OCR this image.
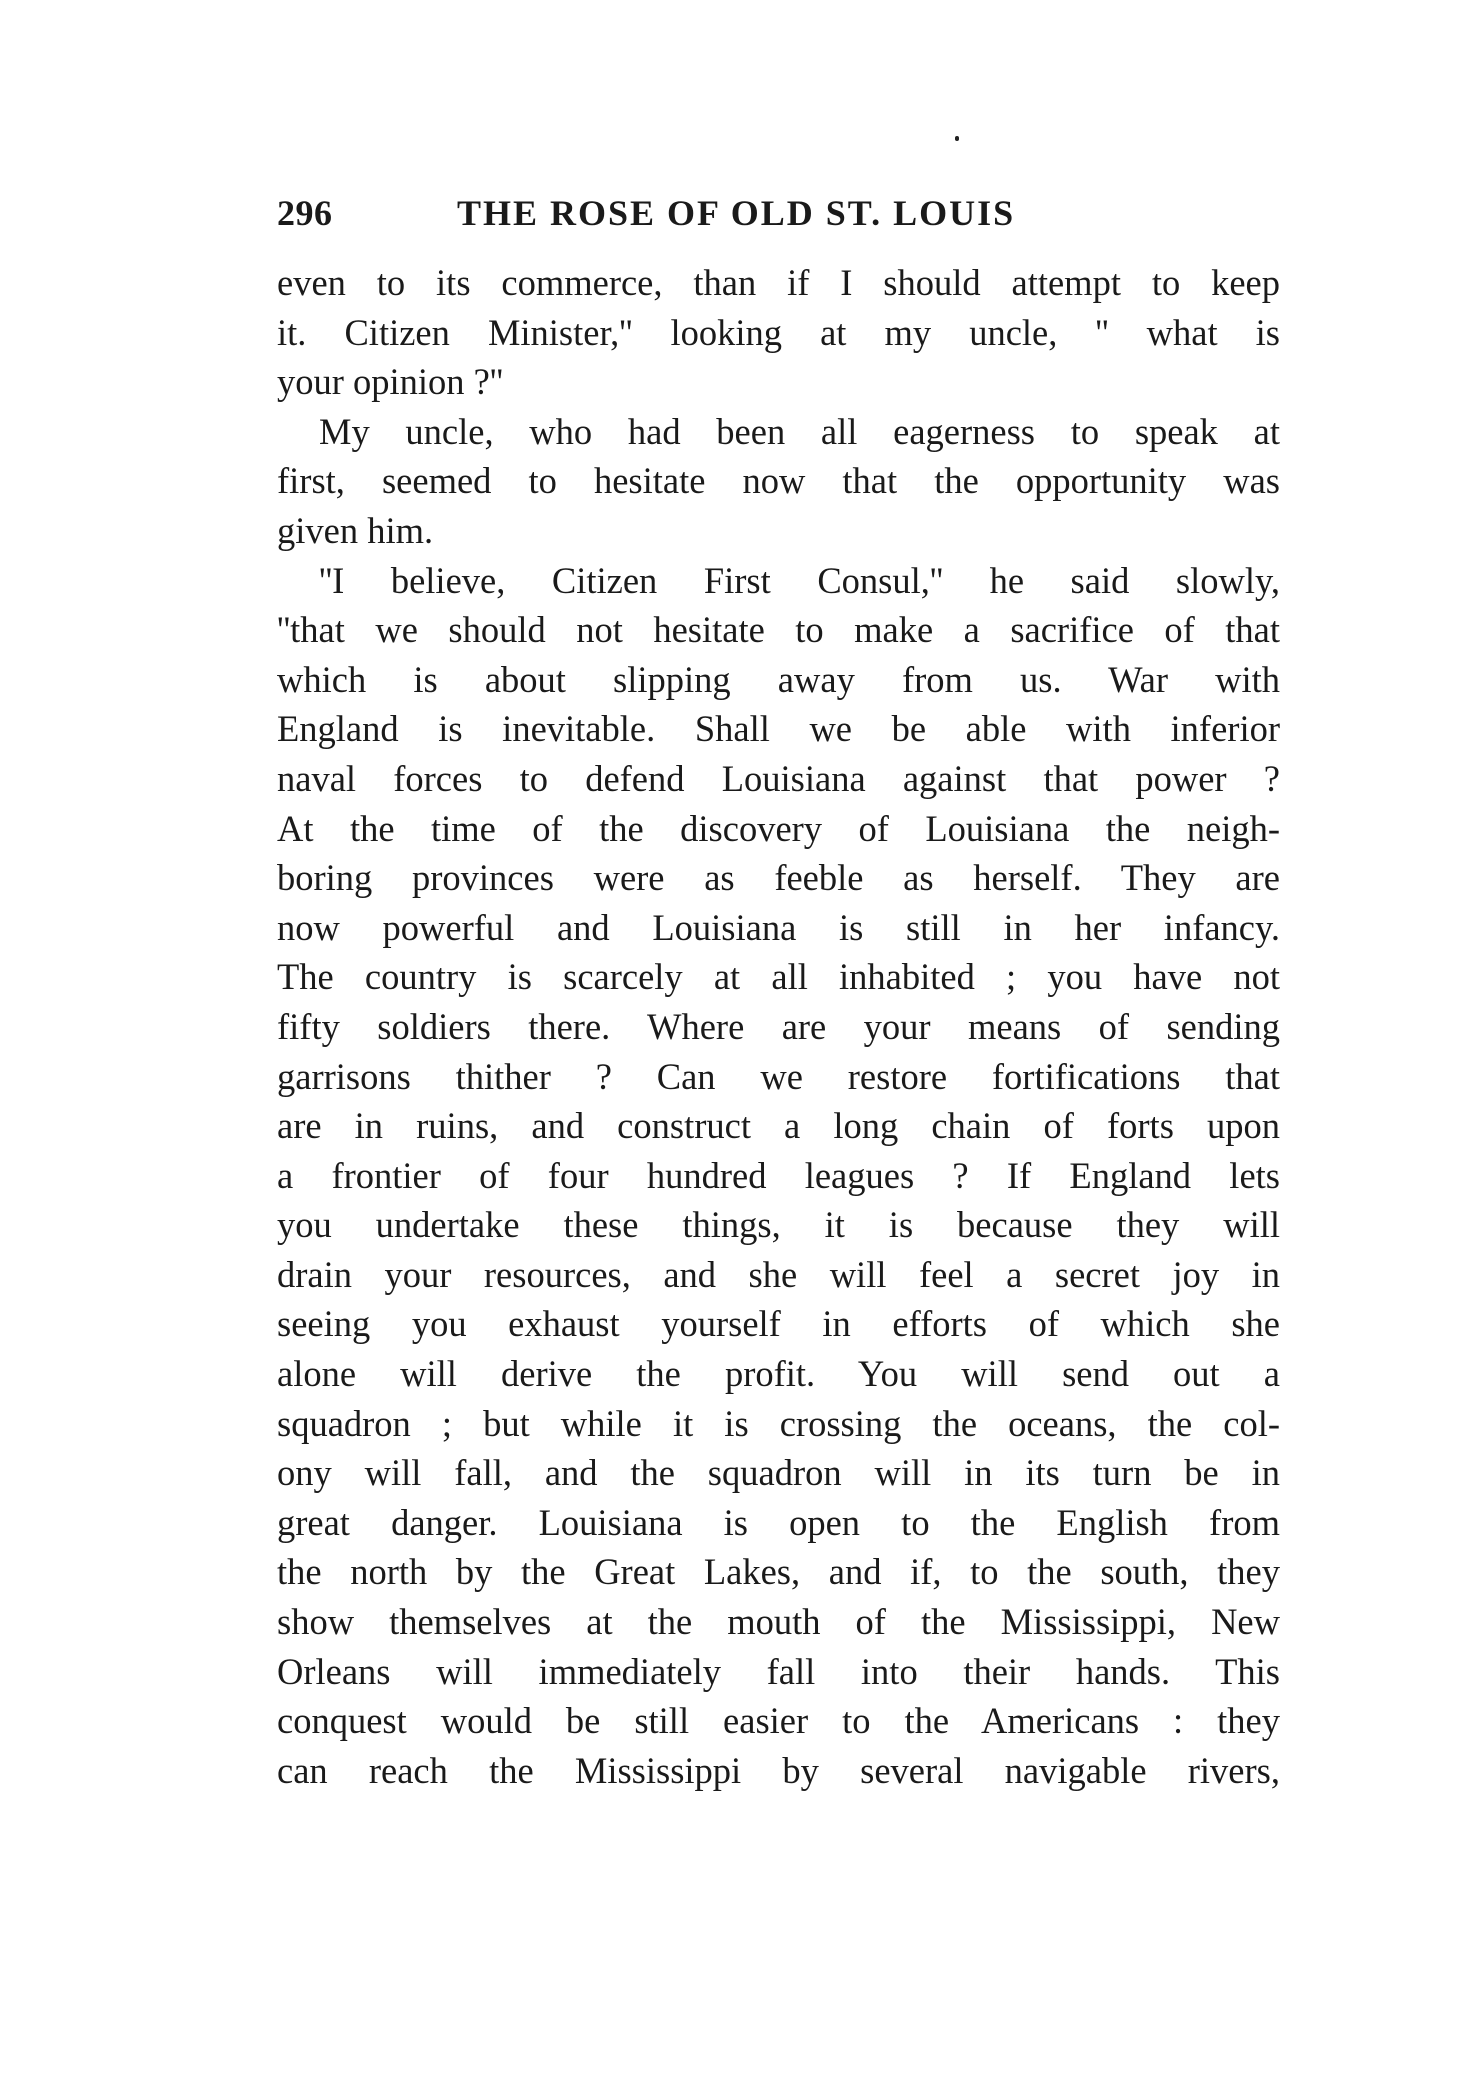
296	THE ROSE OF OLD ST. LOUIS
even to its commerce, than if I should attempt to keep
it. Citizen Minister,'' looking at my uncle, '' what is
your opinion ?''
My uncle, who had been all eagerness to speak at
first, seemed to hesitate now that the opportunity was
given him.
''I believe, Citizen First Consul,'' he said slowly,
''that we should not hesitate to make a sacrifice of that
which is about slipping away from us. War with
England is inevitable. Shall we be able with inferior
naval forces to defend Louisiana against that power ?
At the time of the discovery of Louisiana the neigh-
boring provinces were as feeble as herself. They are
now powerful and Louisiana is still in her infancy.
The country is scarcely at all inhabited ; you have not
fifty soldiers there. Where are your means of sending
garrisons thither ? Can we restore fortifications that
are in ruins, and construct a long chain of forts upon
a frontier of four hundred leagues ? If England lets
you undertake these things, it is because they will
drain your resources, and she will feel a secret joy in
seeing you exhaust yourself in efforts of which she
alone will derive the profit. You will send out a
squadron ; but while it is crossing the oceans, the col-
ony will fall, and the squadron will in its turn be in
great danger. Louisiana is open to the English from
the north by the Great Lakes, and if, to the south, they
show themselves at the mouth of the Mississippi, New
Orleans will immediately fall into their hands. This
conquest would be still easier to the Americans : they
can reach the Mississippi by several navigable rivers,
